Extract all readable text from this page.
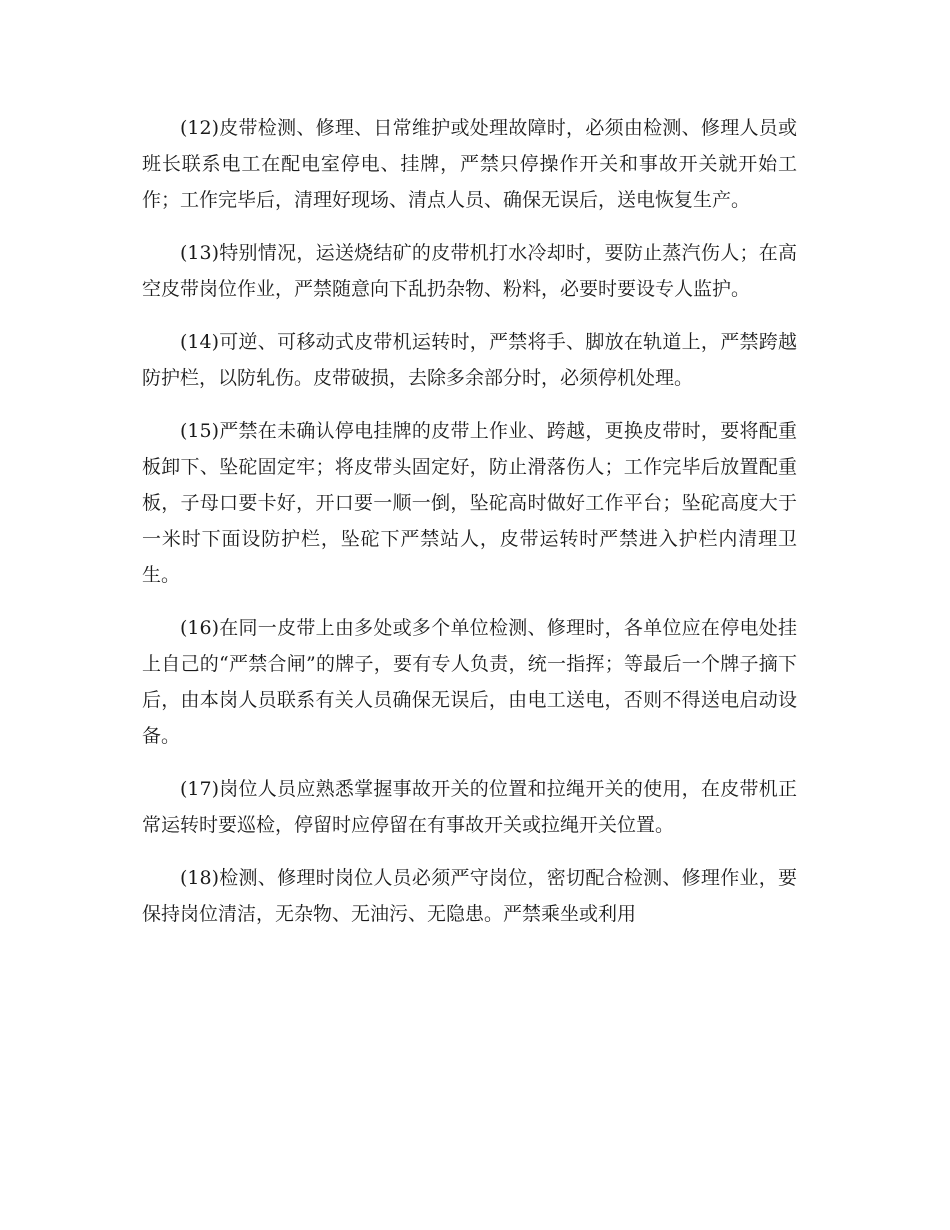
(12)皮带检测、修理、日常维护或处理故障时，必须由检测、修理人员或班长联系电工在配电室停电、挂牌，严禁只停操作开关和事故开关就开始工作；工作完毕后，清理好现场、清点人员、确保无误后，送电恢复生产。

(13)特别情况，运送烧结矿的皮带机打水冷却时，要防止蒸汽伤人；在高空皮带岗位作业，严禁随意向下乱扔杂物、粉料，必要时要设专人监护。

(14)可逆、可移动式皮带机运转时，严禁将手、脚放在轨道上，严禁跨越防护栏，以防轧伤。皮带破损，去除多余部分时，必须停机处理。

(15)严禁在未确认停电挂牌的皮带上作业、跨越，更换皮带时，要将配重板卸下、坠砣固定牢；将皮带头固定好，防止滑落伤人；工作完毕后放置配重板，子母口要卡好，开口要一顺一倒，坠砣高时做好工作平台；坠砣高度大于一米时下面设防护栏，坠砣下严禁站人，皮带运转时严禁进入护栏内清理卫生。

(16)在同一皮带上由多处或多个单位检测、修理时，各单位应在停电处挂上自己的“严禁合闸”的牌子，要有专人负责，统一指挥；等最后一个牌子摘下后，由本岗人员联系有关人员确保无误后，由电工送电，否则不得送电启动设备。

(17)岗位人员应熟悉掌握事故开关的位置和拉绳开关的使用，在皮带机正常运转时要巡检，停留时应停留在有事故开关或拉绳开关位置。

(18)检测、修理时岗位人员必须严守岗位，密切配合检测、修理作业，要保持岗位清洁，无杂物、无油污、无隐患。严禁乘坐或利用
